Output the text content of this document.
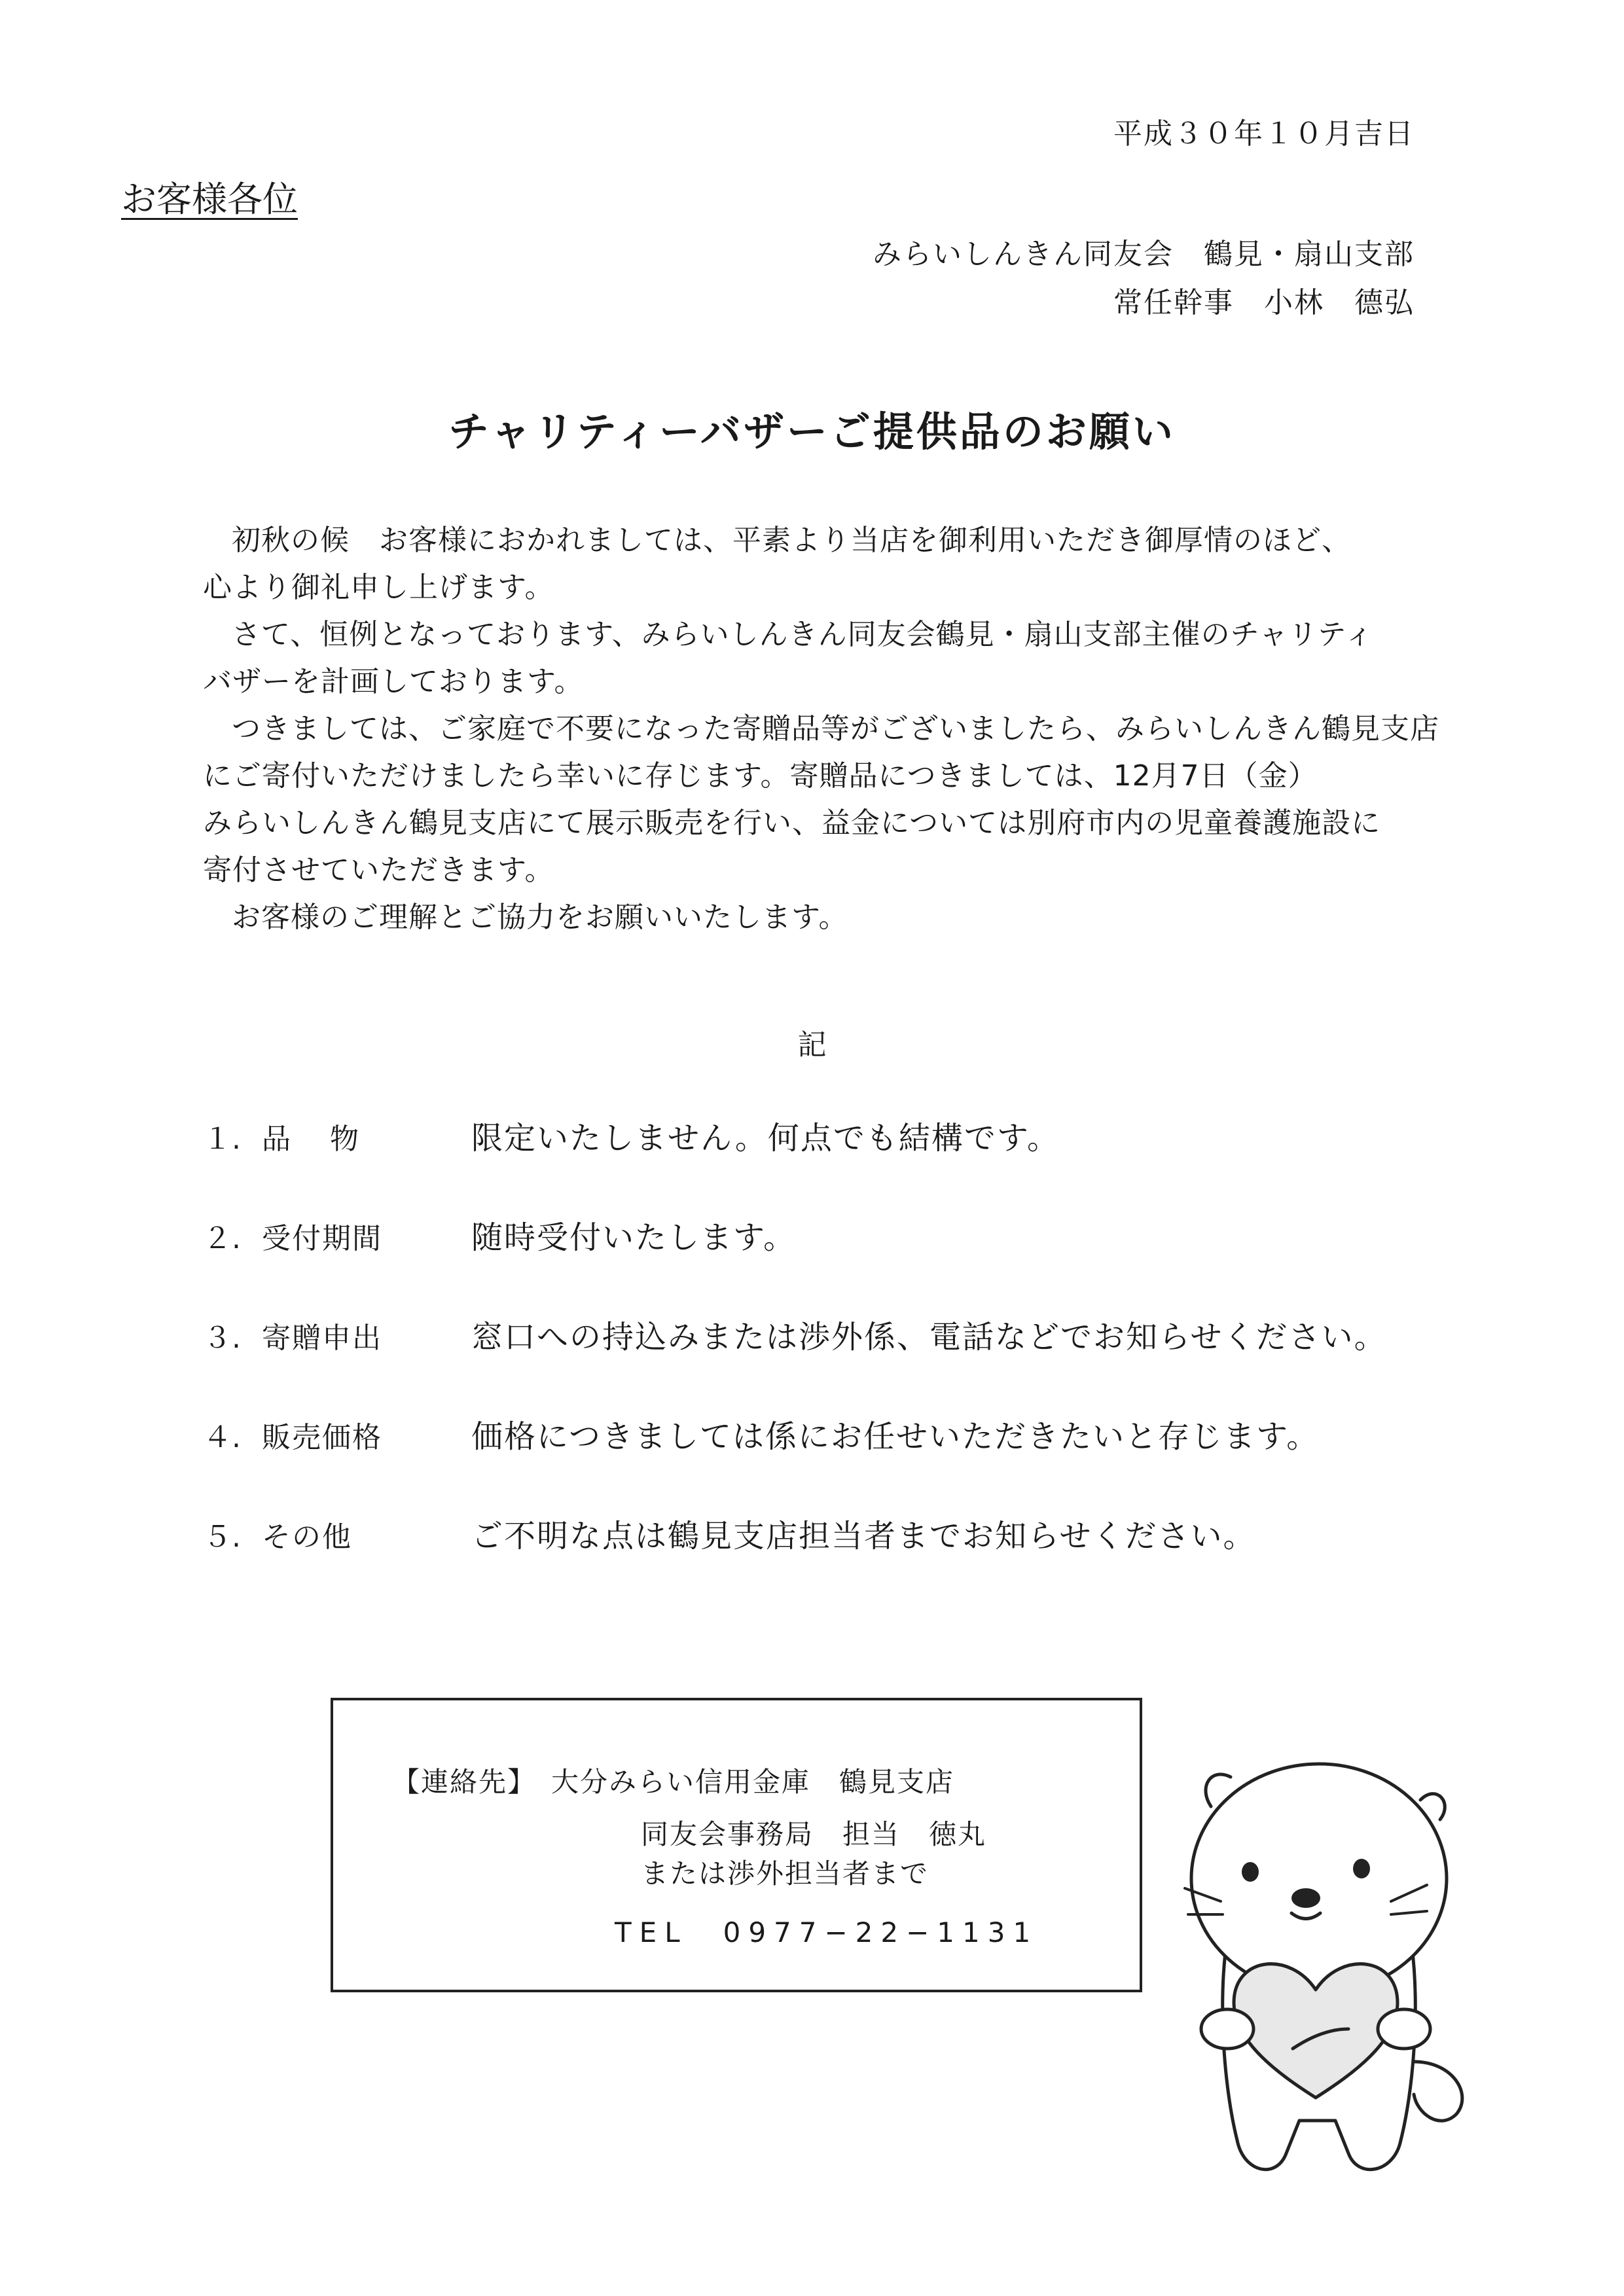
平成３０年１０月吉日
お客様各位
みらいしんきん同友会　鶴見・扇山支部
常任幹事　小林　德弘
チャリティーバザーご提供品のお願い

初秋の候　お客様におかれましては、平素より当店を御利用いただき御厚情のほど、

心より御礼申し上げます。

さて、恒例となっております、みらいしんきん同友会鶴見・扇山支部主催のチャリティ

バザーを計画しております。

つきましては、ご家庭で不要になった寄贈品等がございましたら、みらいしんきん鶴見支店

にご寄付いただけましたら幸いに存じます。寄贈品につきましては、12月7日（金）

みらいしんきん鶴見支店にて展示販売を行い、益金については別府市内の児童養護施設に

寄付させていただきます。

お客様のご理解とご協力をお願いいたします。

記
１. 品物	限定いたしません。何点でも結構です。
２. 受付期間	随時受付いたします。
３. 寄贈申出	窓口への持込みまたは渉外係、電話などでお知らせください。
４. 販売価格	価格につきましては係にお任せいただきたいと存じます。
５. その他	ご不明な点は鶴見支店担当者までお知らせください。
【連絡先】　大分みらい信用金庫　鶴見支店
同友会事務局　担当　徳丸
または渉外担当者まで
TEL　0977−22−1131
